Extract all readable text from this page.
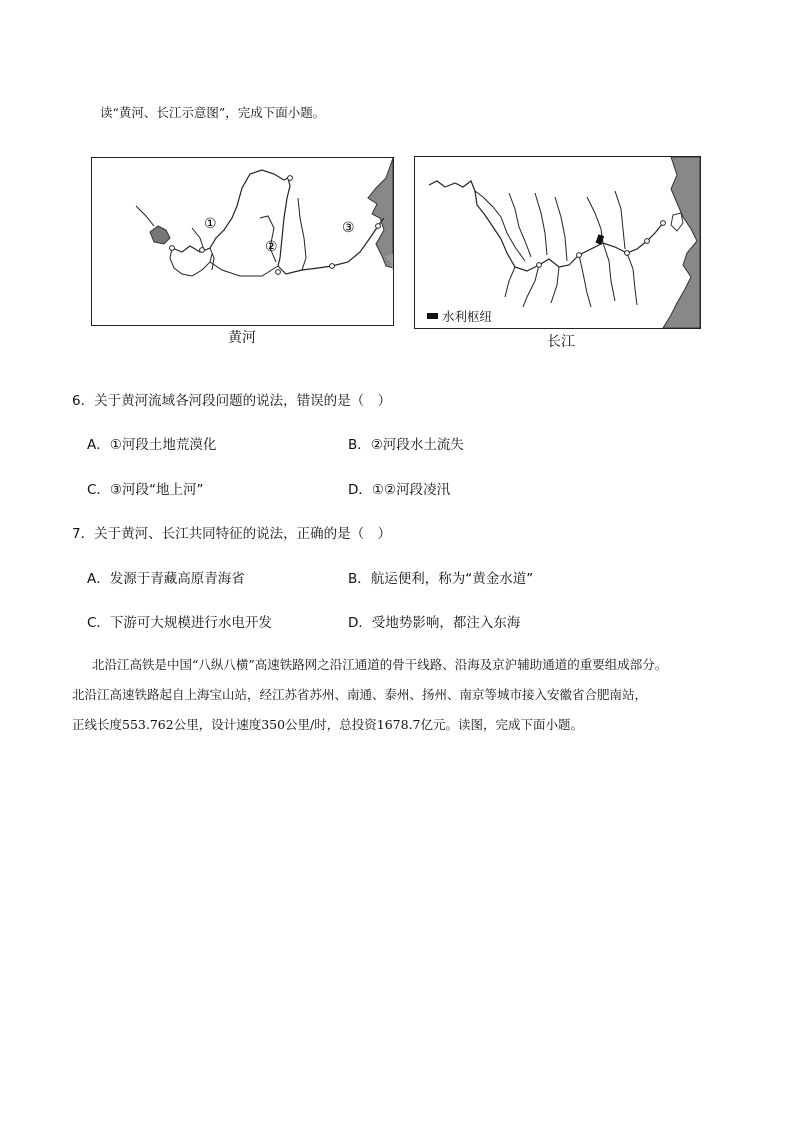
读“黄河、长江示意图”，完成下面小题。
①
②
③
黄河
水利枢纽
长江
6．关于黄河流域各河段问题的说法，错误的是（　）
A．①河段土地荒漠化	B．②河段水土流失
C．③河段“地上河”	D．①②河段凌汛
7．关于黄河、长江共同特征的说法，正确的是（　）
A．发源于青藏高原青海省	B．航运便利，称为“黄金水道”
C．下游可大规模进行水电开发	D．受地势影响，都注入东海
北沿江高铁是中国“八纵八横”高速铁路网之沿江通道的骨干线路、沿海及京沪辅助通道的重要组成部分。
北沿江高速铁路起自上海宝山站，经江苏省苏州、南通、泰州、扬州、南京等城市接入安徽省合肥南站，
正线长度553.762公里，设计速度350公里/时，总投资1678.7亿元。读图，完成下面小题。
